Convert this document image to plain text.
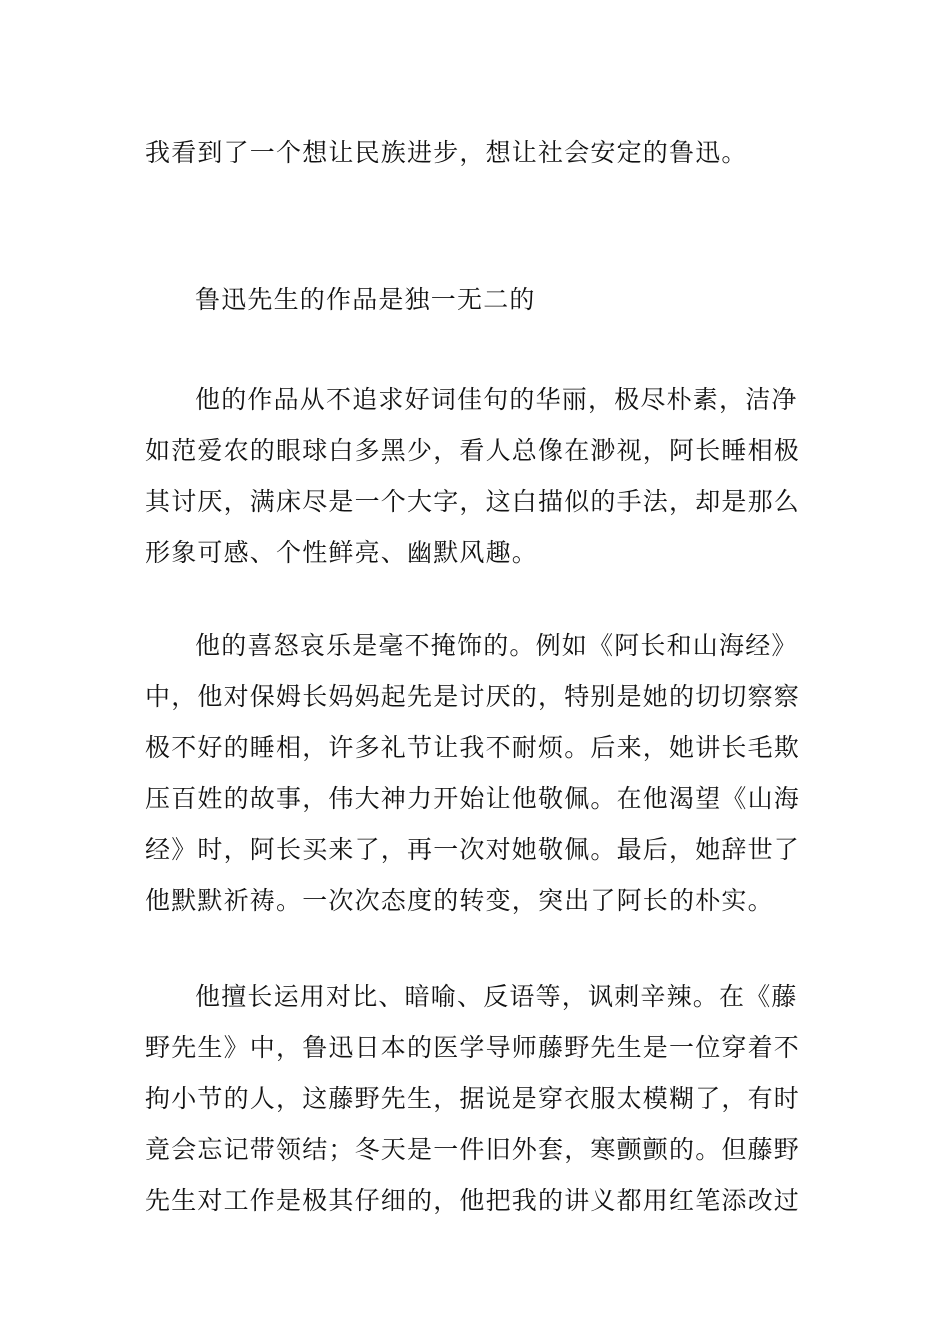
我看到了一个想让民族进步，想让社会安定的鲁迅。
鲁迅先生的作品是独一无二的
他的作品从不追求好词佳句的华丽，极尽朴素，洁净
如范爱农的眼球白多黑少，看人总像在渺视，阿长睡相极
其讨厌，满床尽是一个大字，这白描似的手法，却是那么
形象可感、个性鲜亮、幽默风趣。
他的喜怒哀乐是毫不掩饰的。例如《阿长和山海经》
中，他对保姆长妈妈起先是讨厌的，特别是她的切切察察
极不好的睡相，许多礼节让我不耐烦。后来，她讲长毛欺
压百姓的故事，伟大神力开始让他敬佩。在他渴望《山海
经》时，阿长买来了，再一次对她敬佩。最后，她辞世了
他默默祈祷。一次次态度的转变，突出了阿长的朴实。
他擅长运用对比、暗喻、反语等，讽刺辛辣。在《藤
野先生》中，鲁迅日本的医学导师藤野先生是一位穿着不
拘小节的人，这藤野先生，据说是穿衣服太模糊了，有时
竟会忘记带领结；冬天是一件旧外套，寒颤颤的。但藤野
先生对工作是极其仔细的，他把我的讲义都用红笔添改过
